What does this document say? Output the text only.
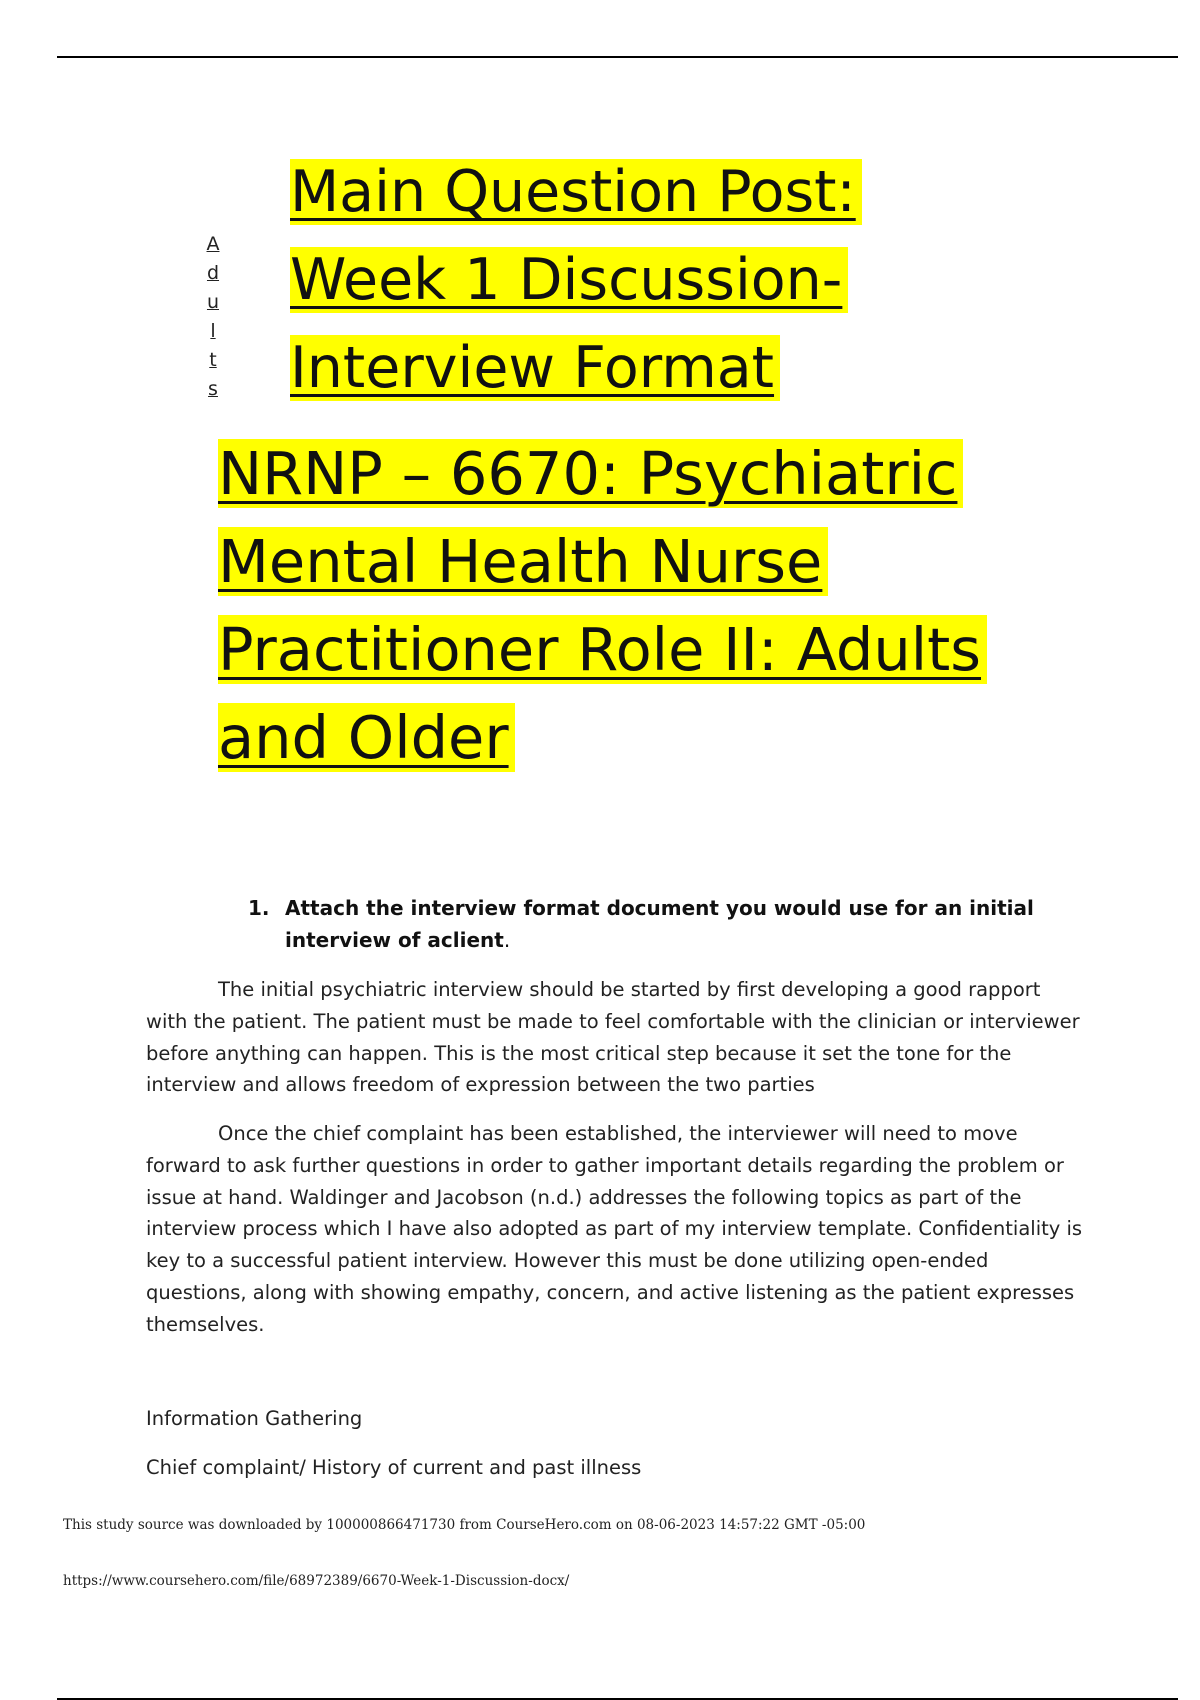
A
d
u
l
t
s
Main Question Post: Week 1 Discussion- Interview Format
NRNP – 6670: Psychiatric Mental Health Nurse Practitioner Role II: Adults and Older
1. Attach the interview format document you would use for an initial interview of aclient.

The initial psychiatric interview should be started by first developing a good rapport with the patient. The patient must be made to feel comfortable with the clinician or interviewer before anything can happen. This is the most critical step because it set the tone for the interview and allows freedom of expression between the two parties

Once the chief complaint has been established, the interviewer will need to move forward to ask further questions in order to gather important details regarding the problem or issue at hand. Waldinger and Jacobson (n.d.) addresses the following topics as part of the interview process which I have also adopted as part of my interview template. Confidentiality is key to a successful patient interview. However this must be done utilizing open-ended questions, along with showing empathy, concern, and active listening as the patient expresses themselves.

Information Gathering

Chief complaint/ History of current and past illness

This study source was downloaded by 100000866471730 from CourseHero.com on 08-06-2023 14:57:22 GMT -05:00
https://www.coursehero.com/file/68972389/6670-Week-1-Discussion-docx/
